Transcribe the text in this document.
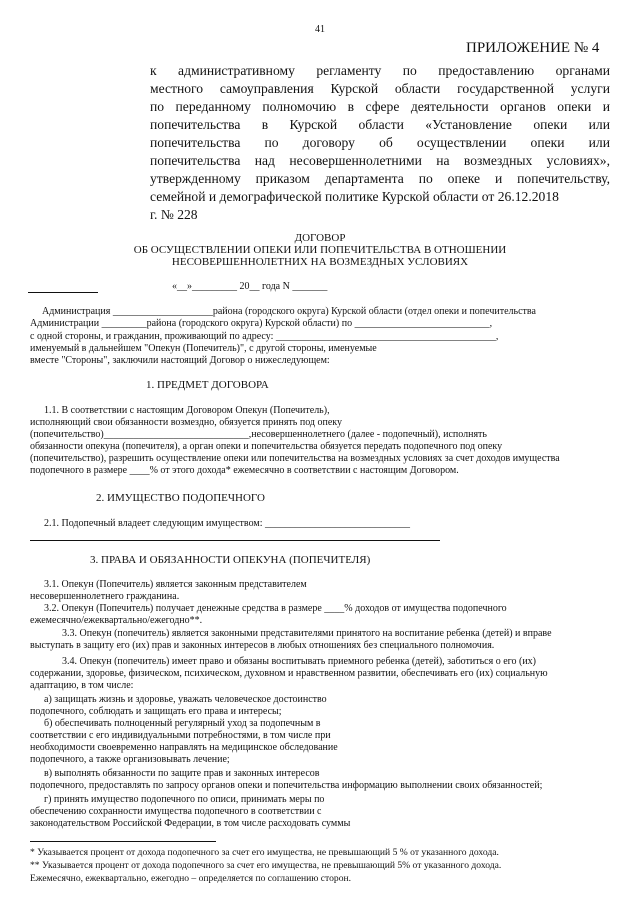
41
ПРИЛОЖЕНИЕ № 4
к административному регламенту по предоставлению органами
местного самоуправления Курской области государственной услуги
по переданному полномочию в сфере деятельности органов опеки и
попечительства в Курской области «Установление опеки или
попечительства по договору об осуществлении опеки или
попечительства над несовершеннолетними на возмездных условиях»,
утвержденному приказом департамента по опеке и попечительству,
семейной и демографической политике Курской области от 26.12.2018
г. № 228
ДОГОВОР
ОБ ОСУЩЕСТВЛЕНИИ ОПЕКИ ИЛИ ПОПЕЧИТЕЛЬСТВА В ОТНОШЕНИИ
НЕСОВЕРШЕННОЛЕТНИХ НА ВОЗМЕЗДНЫХ УСЛОВИЯХ
«__»_________ 20__ года N _______
Администрация ____________________района (городского округа) Курской области (отдел опеки и попечительства
Администрации _________района (городского округа) Курской области) по ___________________________,
с одной стороны, и гражданин, проживающий по адресу: ____________________________________________,
именуемый в дальнейшем "Опекун (Попечитель)", с другой стороны, именуемые
вместе "Стороны", заключили настоящий Договор о нижеследующем:
1. ПРЕДМЕТ ДОГОВОРА
1.1. В соответствии с настоящим Договором Опекун (Попечитель),
исполняющий свои обязанности возмездно, обязуется принять под опеку
(попечительство)_____________________________,несовершеннолетнего (далее - подопечный), исполнять
обязанности опекуна (попечителя), а орган опеки и попечительства обязуется передать подопечного под опеку
(попечительство), разрешить осуществление опеки или попечительства на возмездных условиях за счет доходов имущества
подопечного в размере ____% от этого дохода* ежемесячно в соответствии с настоящим Договором.
2. ИМУЩЕСТВО ПОДОПЕЧНОГО
2.1. Подопечный владеет следующим имуществом: _____________________________
3. ПРАВА И ОБЯЗАННОСТИ ОПЕКУНА (ПОПЕЧИТЕЛЯ)
3.1. Опекун (Попечитель) является законным представителем
несовершеннолетнего гражданина.
3.2. Опекун (Попечитель) получает денежные средства в размере ____% доходов от имущества подопечного
ежемесячно/ежеквартально/ежегодно**.
3.3. Опекун (попечитель) является законными представителями принятого на воспитание ребенка (детей) и вправе
выступать в защиту его (их) прав и законных интересов в любых отношениях без специального полномочия.
3.4. Опекун (попечитель) имеет право и обязаны воспитывать приемного ребенка (детей), заботиться о его (их)
содержании, здоровье, физическом, психическом, духовном и нравственном развитии, обеспечивать его (их) социальную
адаптацию, в том числе:
а) защищать жизнь и здоровье, уважать человеческое достоинство
подопечного, соблюдать и защищать его права и интересы;
б) обеспечивать полноценный регулярный уход за подопечным в
соответствии с его индивидуальными потребностями, в том числе при
необходимости своевременно направлять на медицинское обследование
подопечного, а также организовывать лечение;
в) выполнять обязанности по защите прав и законных интересов
подопечного, предоставлять по запросу органов опеки и попечительства информацию выполнении своих обязанностей;
г) принять имущество подопечного по описи, принимать меры по
обеспечению сохранности имущества подопечного в соответствии с
законодательством Российской Федерации, в том числе расходовать суммы
* Указывается процент от дохода подопечного за счет его имущества, не превышающий 5 % от указанного дохода.
** Указывается процент от дохода подопечного за счет его имущества, не превышающий 5% от указанного дохода.
Ежемесячно, ежеквартально, ежегодно – определяется по соглашению сторон.
